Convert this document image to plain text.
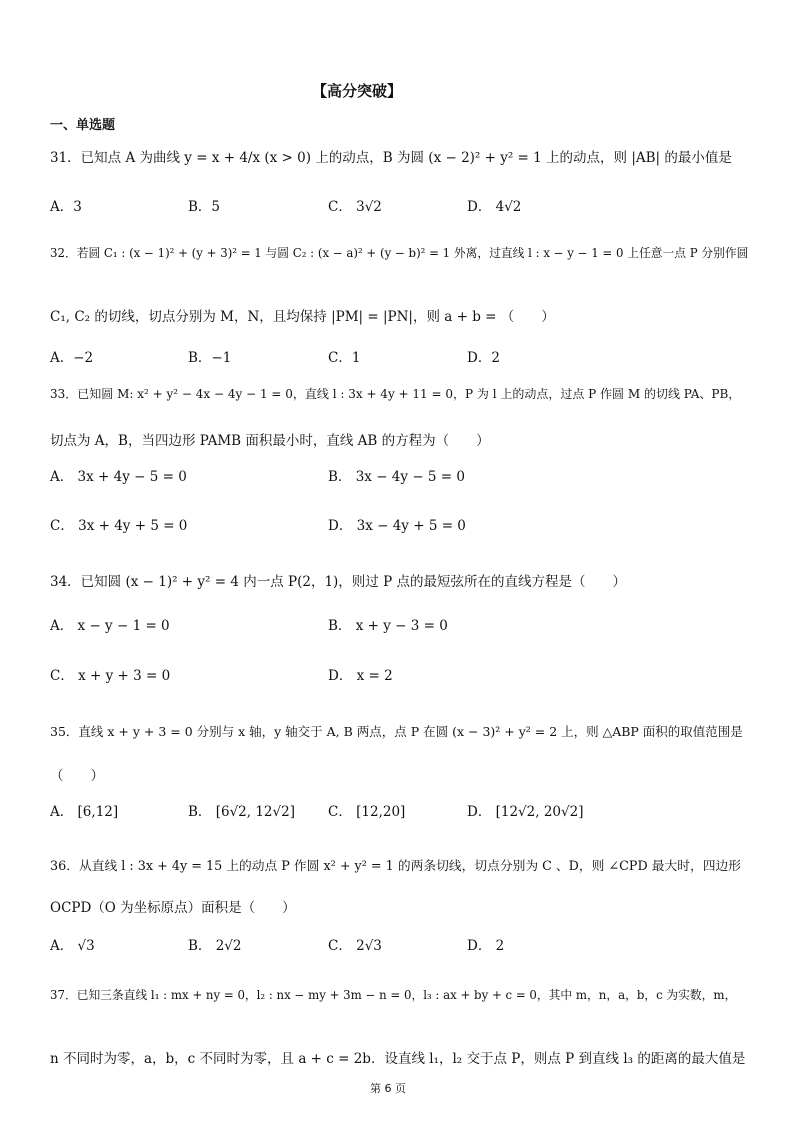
【高分突破】
一、单选题
31．已知点 A 为曲线 y = x + 4/x (x > 0) 上的动点，B 为圆 (x − 2)² + y² = 1 上的动点，则 |AB| 的最小值是
A．3	B．5	C． 3√2	D． 4√2
32．若圆 C₁ : (x − 1)² + (y + 3)² = 1 与圆 C₂ : (x − a)² + (y − b)² = 1 外离，过直线 l : x − y − 1 = 0 上任意一点 P 分别作圆
C₁, C₂ 的切线，切点分别为 M，N，且均保持 |PM| = |PN|，则 a + b = （　　）
A．−2	B．−1	C．1	D．2
33．已知圆 M: x² + y² − 4x − 4y − 1 = 0，直线 l : 3x + 4y + 11 = 0，P 为 l 上的动点，过点 P 作圆 M 的切线 PA、PB，
切点为 A，B，当四边形 PAMB 面积最小时，直线 AB 的方程为（　　）
A． 3x + 4y − 5 = 0	B． 3x − 4y − 5 = 0
C． 3x + 4y + 5 = 0	D． 3x − 4y + 5 = 0
34．已知圆 (x − 1)² + y² = 4 内一点 P(2，1)，则过 P 点的最短弦所在的直线方程是（　　）
A． x − y − 1 = 0	B． x + y − 3 = 0
C． x + y + 3 = 0	D． x = 2
35．直线 x + y + 3 = 0 分别与 x 轴，y 轴交于 A, B 两点，点 P 在圆 (x − 3)² + y² = 2 上，则 △ABP 面积的取值范围是
（　　）
A． [6,12]	B． [6√2, 12√2] C． [12,20]	D． [12√2, 20√2]
36．从直线 l : 3x + 4y = 15 上的动点 P 作圆 x² + y² = 1 的两条切线，切点分别为 C 、D，则 ∠CPD 最大时，四边形
OCPD（O 为坐标原点）面积是（　　）
A． √3	B． 2√2	C． 2√3	D． 2
37．已知三条直线 l₁ : mx + ny = 0，l₂ : nx − my + 3m − n = 0，l₃ : ax + by + c = 0，其中 m，n，a，b，c 为实数，m，
n 不同时为零，a，b，c 不同时为零，且 a + c = 2b．设直线 l₁，l₂ 交于点 P，则点 P 到直线 l₃ 的距离的最大值是
第 6 页
